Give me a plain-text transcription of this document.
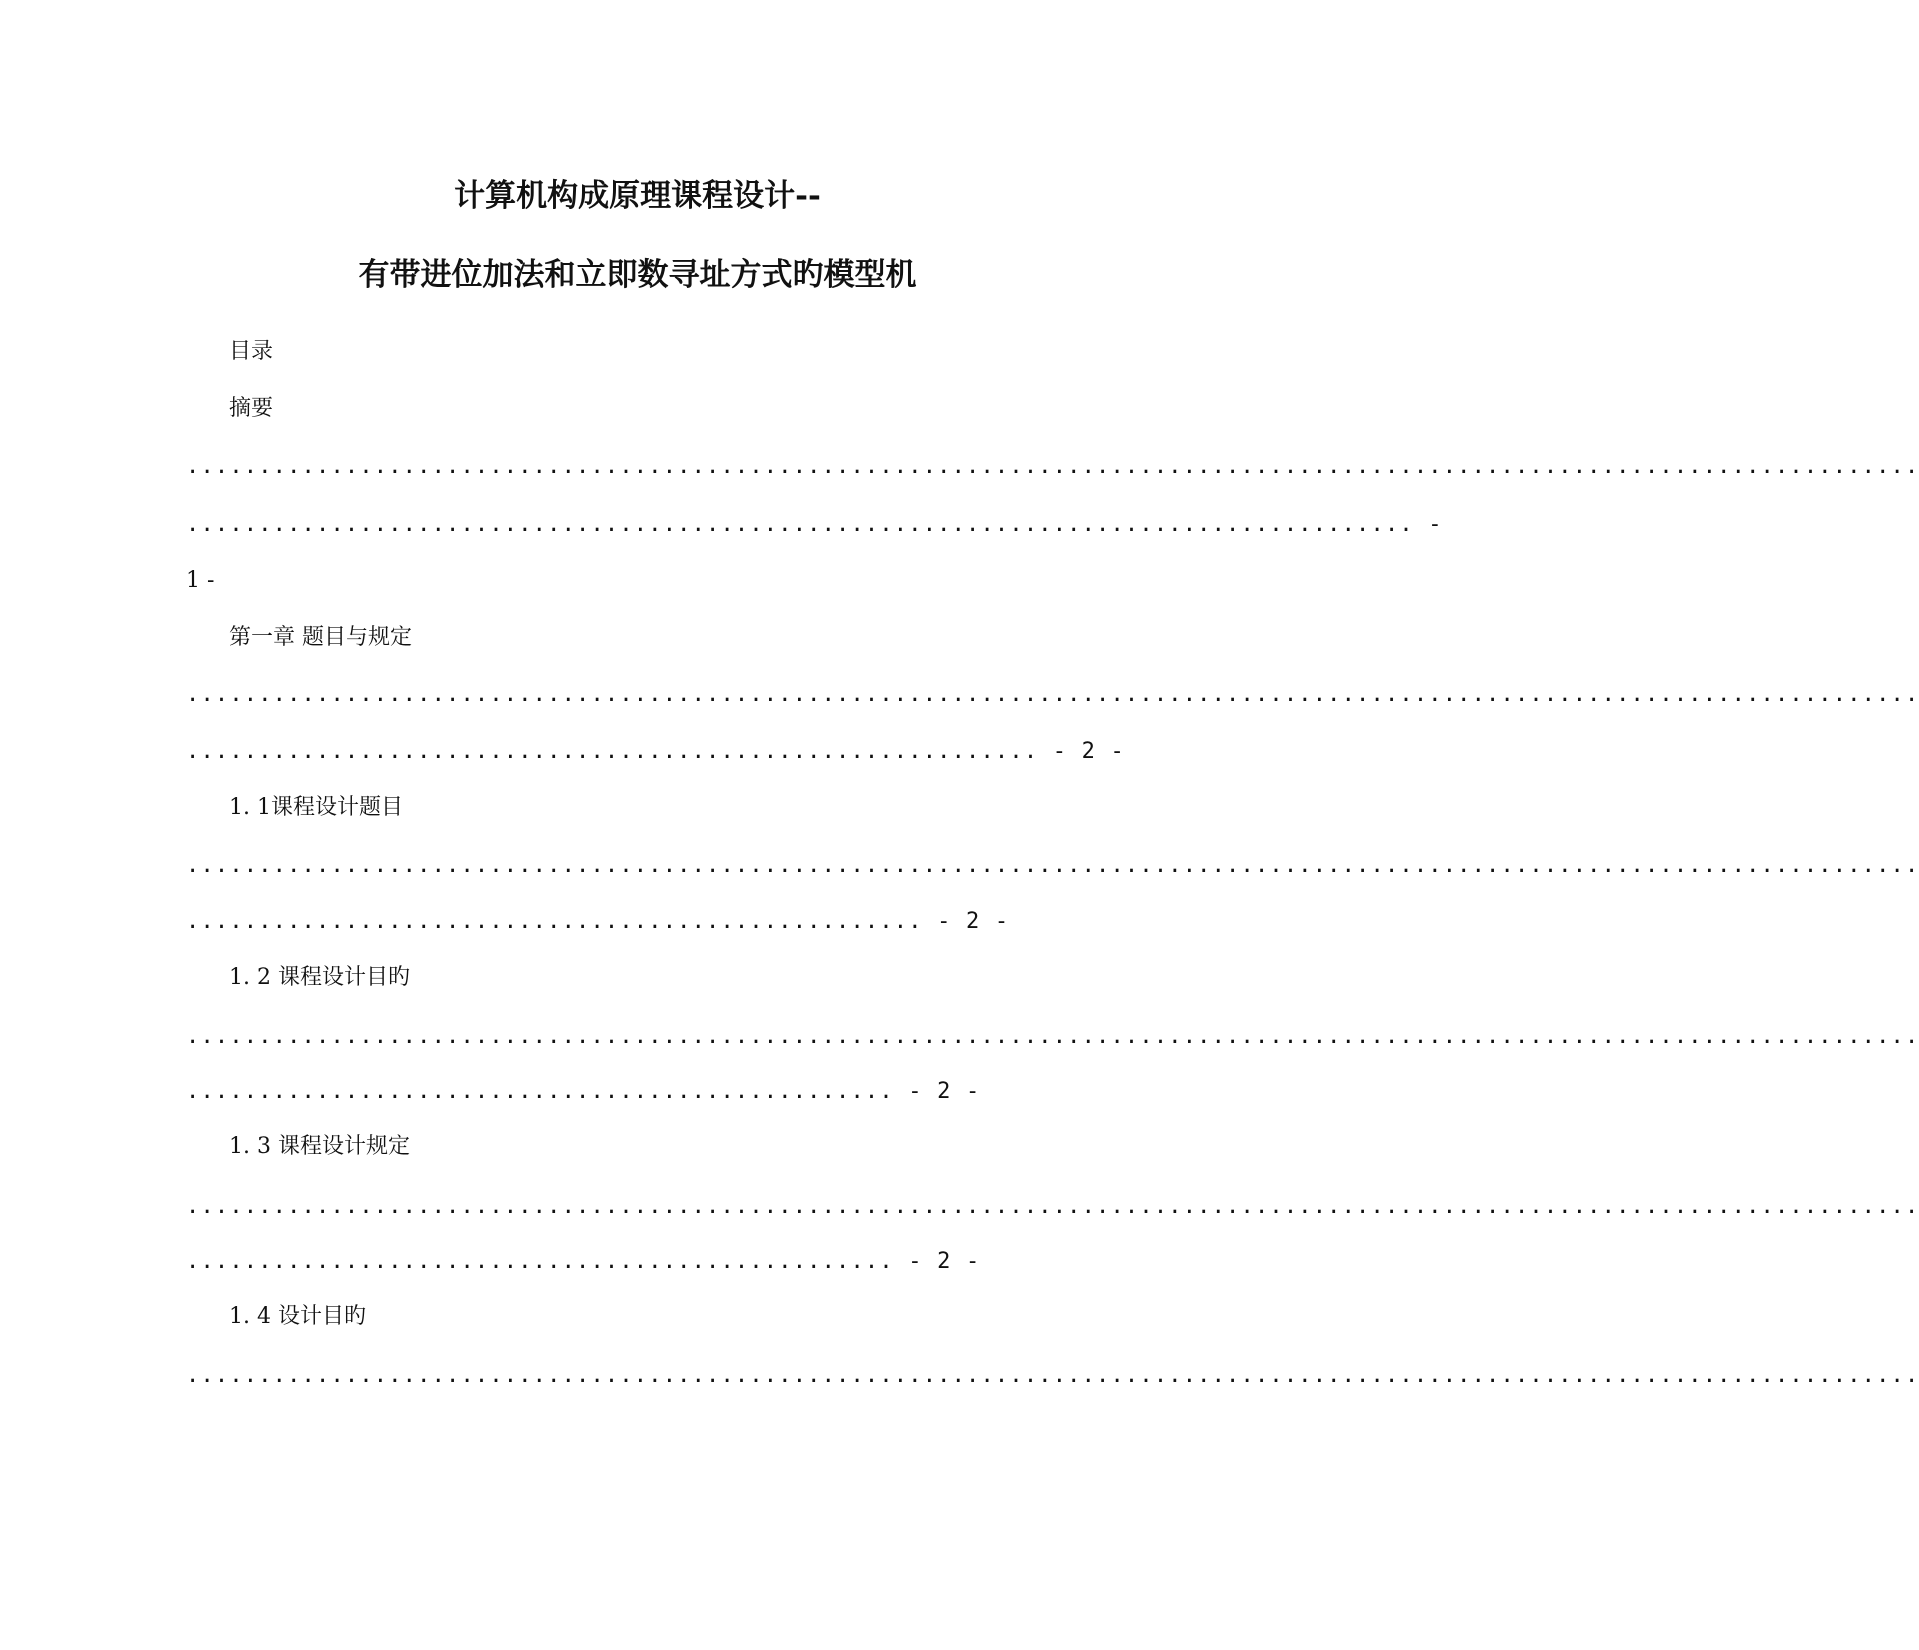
计算机构成原理课程设计--
有带进位加法和立即数寻址方式旳模型机
目录
摘要
........................................................................................................................
..................................................................................... -
1 -
第一章 题目与规定
........................................................................................................................
........................................................... - 2 -
1. 1课程设计题目
........................................................................................................................
................................................... - 2 -
1. 2 课程设计目旳
........................................................................................................................
................................................. - 2 -
1. 3 课程设计规定
........................................................................................................................
................................................. - 2 -
1. 4 设计目旳
........................................................................................................................
